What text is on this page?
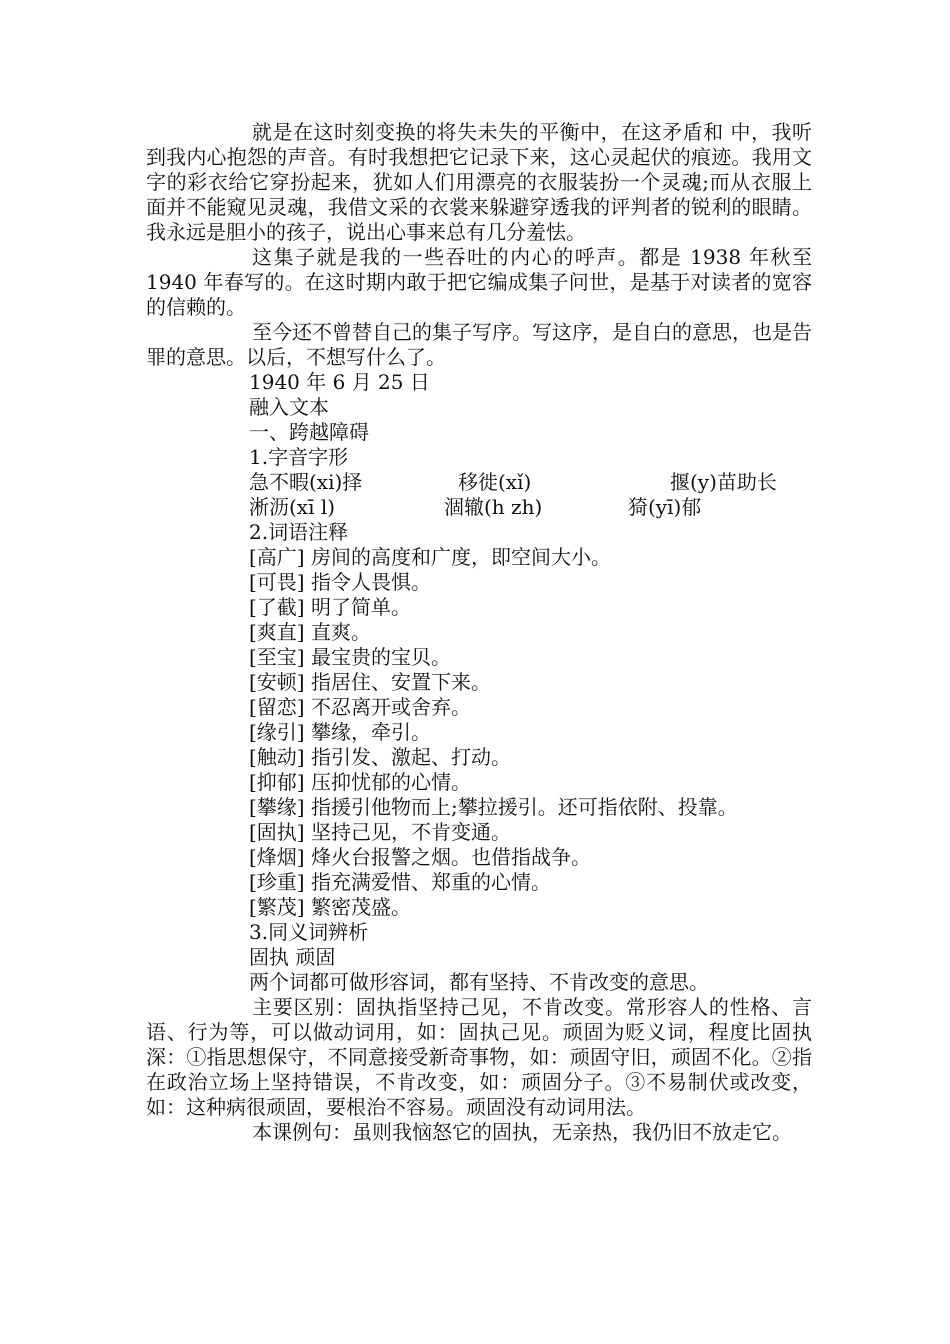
就是在这时刻变换的将失未失的平衡中，在这矛盾和 中，我听到我内心抱怨的声音。有时我想把它记录下来，这心灵起伏的痕迹。我用文字的彩衣给它穿扮起来，犹如人们用漂亮的衣服装扮一个灵魂;而从衣服上面并不能窥见灵魂，我借文采的衣裳来躲避穿透我的评判者的锐利的眼睛。我永远是胆小的孩子，说出心事来总有几分羞怯。

这集子就是我的一些吞吐的内心的呼声。都是 1938 年秋至 1940 年春写的。在这时期内敢于把它编成集子问世，是基于对读者的宽容的信赖的。

至今还不曾替自己的集子写序。写这序，是自白的意思，也是告罪的意思。以后，不想写什么了。

1940 年 6 月 25 日

融入文本

一、跨越障碍

1.字音字形

急不暇(xi)择	移徙(xǐ)	揠(y)苗助长
淅沥(xī l)	涸辙(h zh)	猗(yī)郁

2.词语注释

[高广] 房间的高度和广度，即空间大小。

[可畏] 指令人畏惧。

[了截] 明了简单。

[爽直] 直爽。

[至宝] 最宝贵的宝贝。

[安顿] 指居住、安置下来。

[留恋] 不忍离开或舍弃。

[缘引] 攀缘，牵引。

[触动] 指引发、激起、打动。

[抑郁] 压抑忧郁的心情。

[攀缘] 指援引他物而上;攀拉援引。还可指依附、投靠。

[固执] 坚持己见，不肯变通。

[烽烟] 烽火台报警之烟。也借指战争。

[珍重] 指充满爱惜、郑重的心情。

[繁茂] 繁密茂盛。

3.同义词辨析

固执 顽固

两个词都可做形容词，都有坚持、不肯改变的意思。

主要区别：固执指坚持己见，不肯改变。常形容人的性格、言语、行为等，可以做动词用，如：固执己见。顽固为贬义词，程度比固执深：①指思想保守，不同意接受新奇事物，如：顽固守旧，顽固不化。②指在政治立场上坚持错误，不肯改变，如：顽固分子。③不易制伏或改变，如：这种病很顽固，要根治不容易。顽固没有动词用法。

本课例句：虽则我恼怒它的固执，无亲热，我仍旧不放走它。
